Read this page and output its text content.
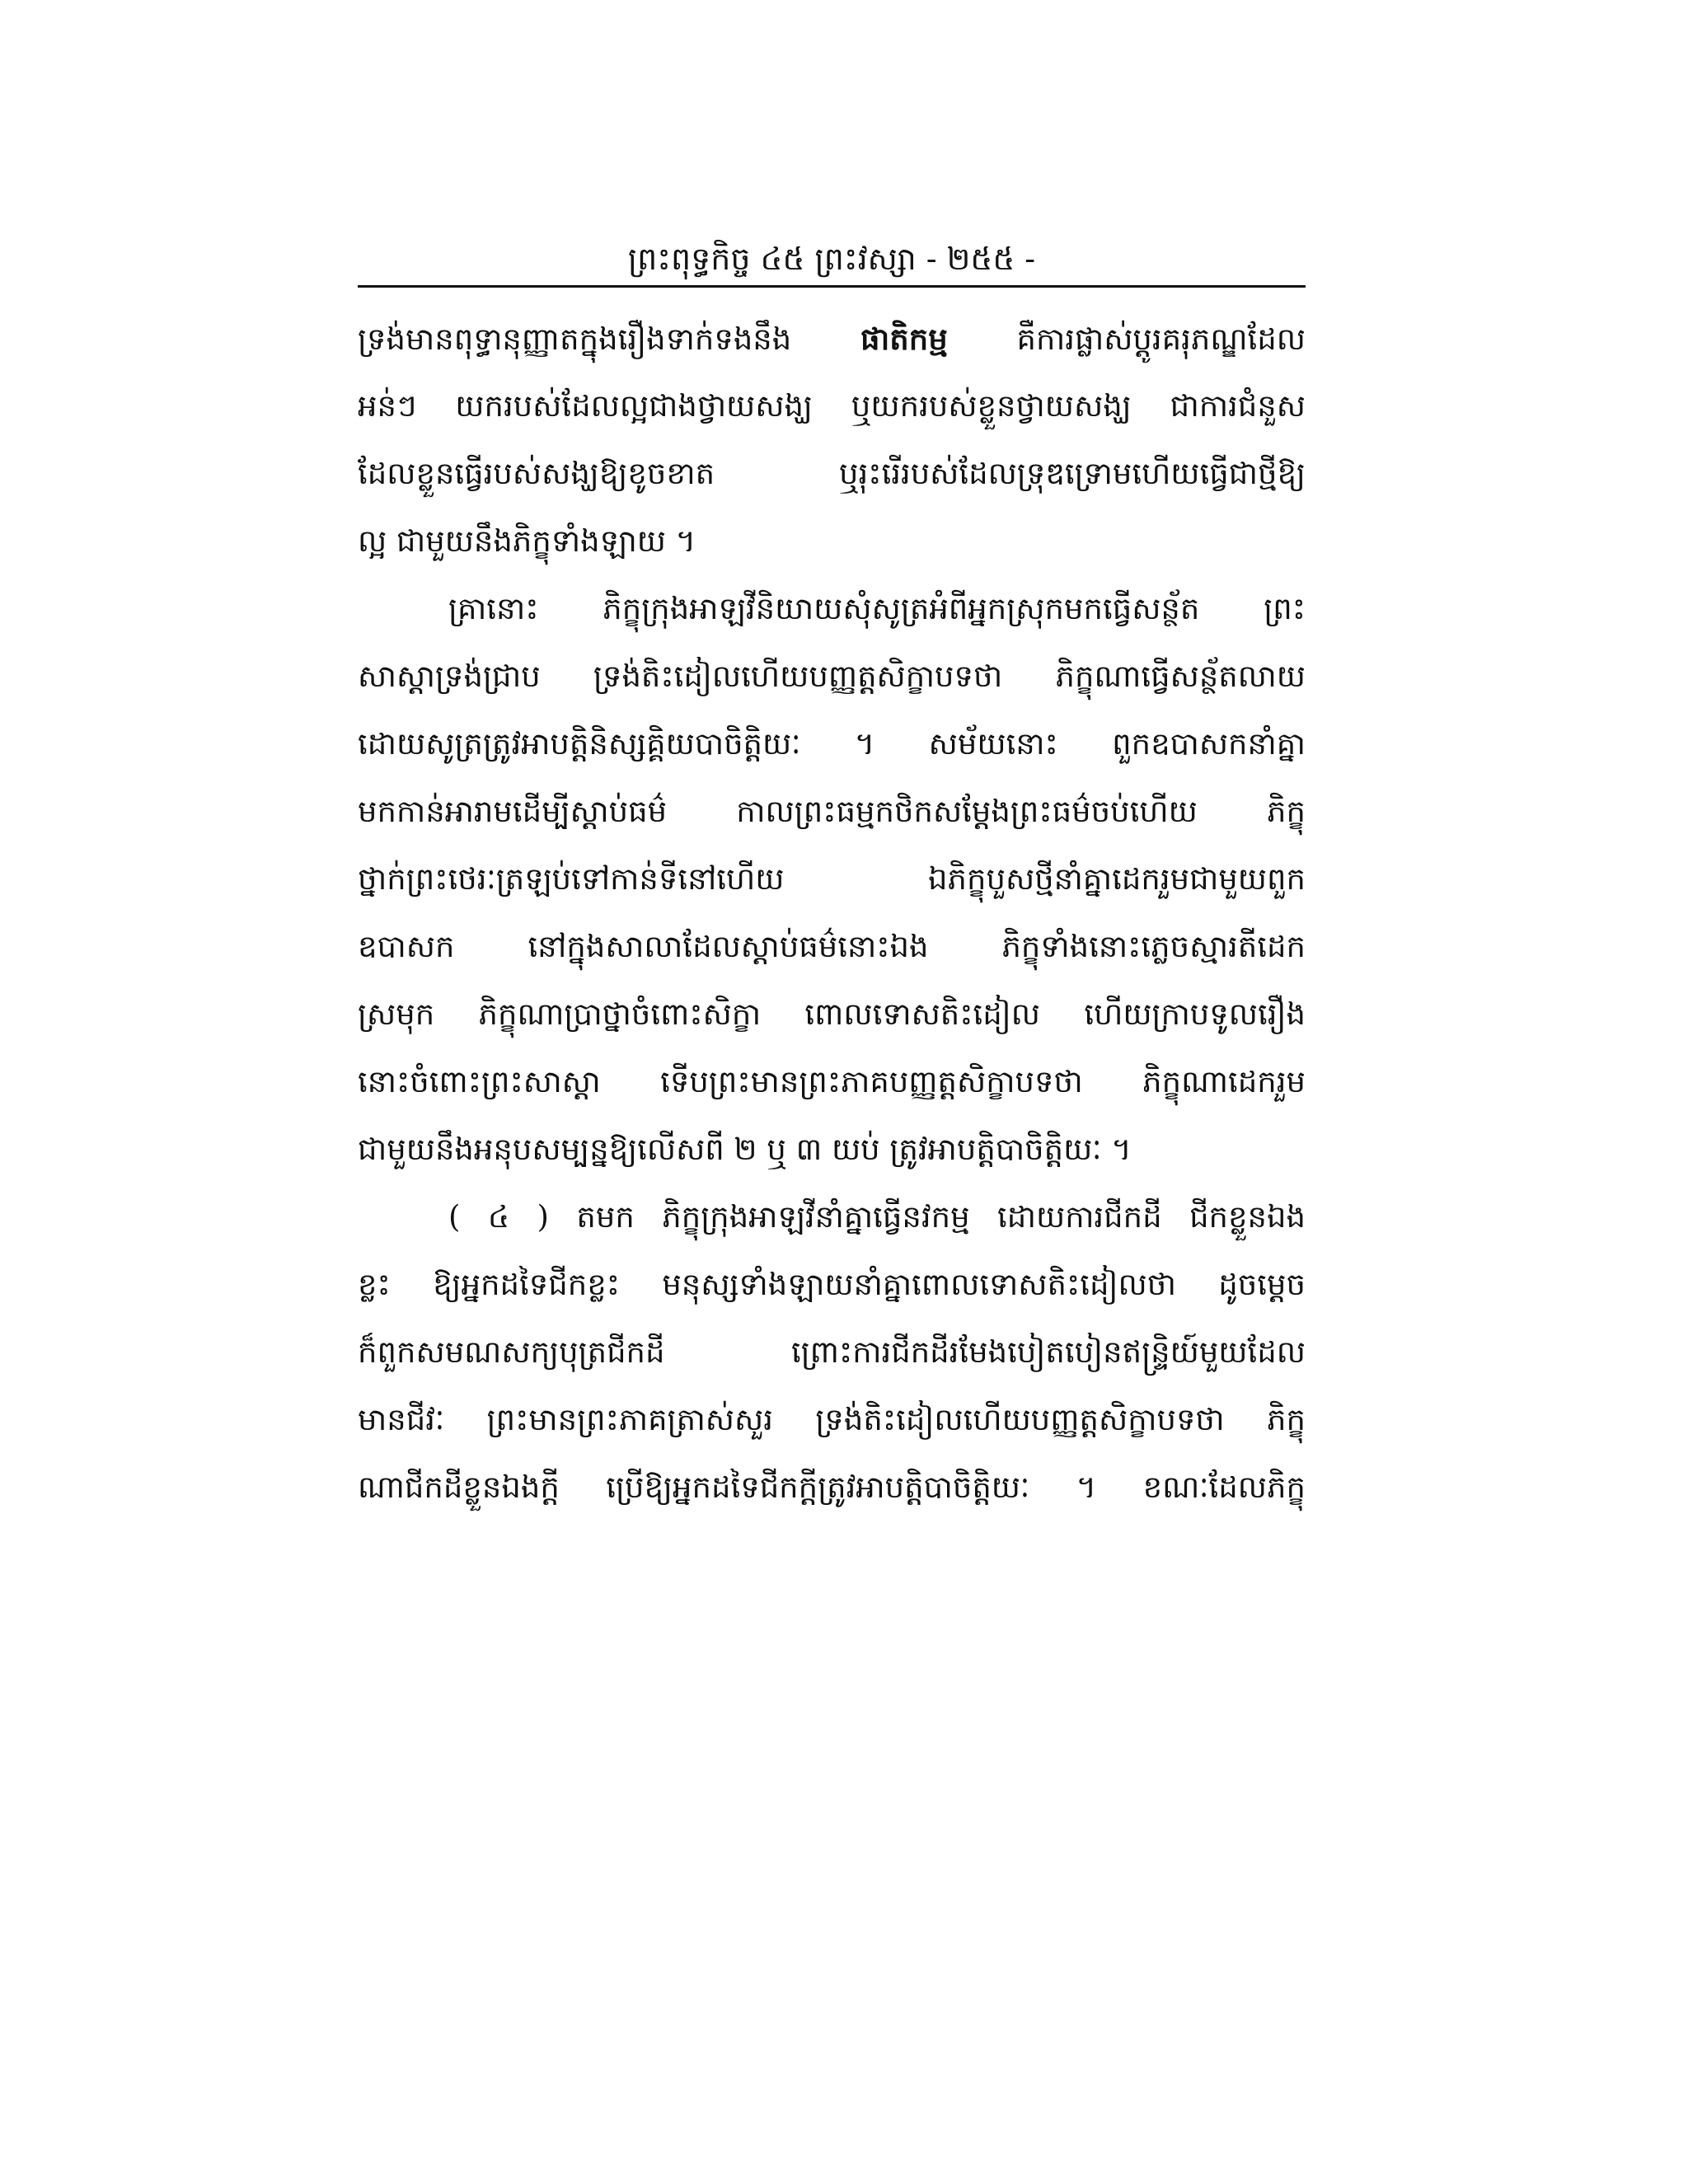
ព្រះពុទ្ធកិច្ច ៤៥ ព្រះវស្សា - ២៥៥ -
ទ្រង់មានពុទ្ធានុញ្ញាតក្នុងរឿងទាក់ទងនឹង ផាតិកម្ម គឺការផ្លាស់ប្ដូរគរុភណ្ឌដែល
អន់ៗ យករបស់ដែលល្អជាងថ្វាយសង្ឃ ឬយករបស់ខ្លួនថ្វាយសង្ឃ ជាការជំនួស
ដែលខ្លួនធ្វើរបស់សង្ឃឱ្យខូចខាត ឬរុះរើរបស់ដែលទ្រុឌទ្រោមហើយធ្វើជាថ្មីឱ្យ
ល្អ ជាមួយនឹងភិក្ខុទាំងឡាយ ។
គ្រានោះ ភិក្ខុក្រុងអាឡវីនិយាយសុំសូត្រអំពីអ្នកស្រុកមកធ្វើសន្ថ័ត ព្រះ
សាស្ដាទ្រង់ជ្រាប ទ្រង់តិះដៀលហើយបញ្ញត្តសិក្ខាបទថា ភិក្ខុណាធ្វើសន្ថ័តលាយ
ដោយសូត្រត្រូវអាបត្តិនិស្សគ្គិយបាចិត្តិយៈ ។ សម័យនោះ ពួកឧបាសកនាំគ្នា
មកកាន់អារាមដើម្បីស្ដាប់ធម៌ កាលព្រះធម្មកថិកសម្ដែងព្រះធម៌ចប់ហើយ ភិក្ខុ
ថ្នាក់ព្រះថេរៈត្រឡប់ទៅកាន់ទីនៅហើយ ឯភិក្ខុបួសថ្មីនាំគ្នាដេករួមជាមួយពួក
ឧបាសក នៅក្នុងសាលាដែលស្ដាប់ធម៌នោះឯង ភិក្ខុទាំងនោះភ្លេចស្មារតីដេក
ស្រមុក ភិក្ខុណាប្រាថ្នាចំពោះសិក្ខា ពោលទោសតិះដៀល ហើយក្រាបទូលរឿង
នោះចំពោះព្រះសាស្ដា ទើបព្រះមានព្រះភាគបញ្ញត្តសិក្ខាបទថា ភិក្ខុណាដេករួម
ជាមួយនឹងអនុបសម្បន្នឱ្យលើសពី ២ ឬ ៣ យប់ ត្រូវអាបត្តិបាចិត្តិយៈ ។
( ៤ ) តមក ភិក្ខុក្រុងអាឡវីនាំគ្នាធ្វើនវកម្ម ដោយការជីកដី ជីកខ្លួនឯង
ខ្លះ ឱ្យអ្នកដទៃជីកខ្លះ មនុស្សទាំងឡាយនាំគ្នាពោលទោសតិះដៀលថា ដូចម្ដេច
ក៏ពួកសមណសក្យបុត្រជីកដី ព្រោះការជីកដីរមែងបៀតបៀនឥន្ទ្រិយ៍មួយដែល
មានជីវៈ ព្រះមានព្រះភាគត្រាស់សួរ ទ្រង់តិះដៀលហើយបញ្ញត្តសិក្ខាបទថា ភិក្ខុ
ណាជីកដីខ្លួនឯងក្ដី ប្រើឱ្យអ្នកដទៃជីកក្ដីត្រូវអាបត្តិបាចិត្តិយៈ ។ ខណៈដែលភិក្ខុ
